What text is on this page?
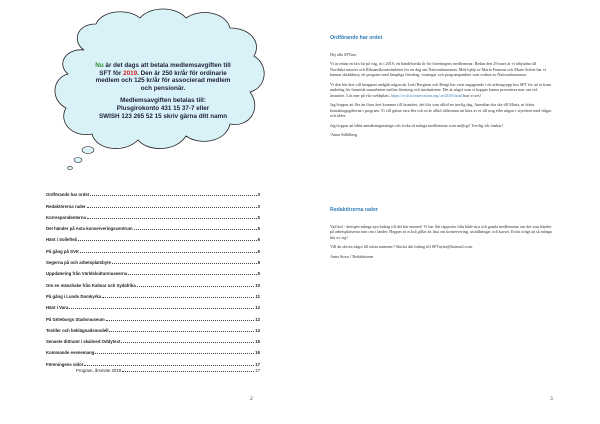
Nu är det dags att betala medlemsavgiften till

SFT för 2019. Den är 250 kr/år för ordinarie

medlem och 125 kr/år för associerad medlem

och pensionär.

Medlemsavgiften betalas till:

Plusgirokonto 431 15 37-7 eller

SWISH 123 265 52 15 skriv gärna ditt namn

Ordförande har ordet	3
Redaktörerna rader	3
Korrespondenterna	5
Det händer på Asta konserveringscentrum	5
Hänt i Sollefteå	6
På gång på SVK	6
Segerna på och arbetsplatsbyte	8
Uppdatering från Världskulturmuseerna	9
Om en mässhake från Kalmar och Sydafrika	10
På gång i Lunds Domkyrka	11
Hänt i Vara	12
På Göteborgs Stadsmuseum	12
Textiler och beklägnadsmodell	13
Senaste dittramt i skalmed Oddytext	15
Kommande evenemang	16
Föreningens sidor	17
Program, årsmöte 2019	17
2	3
Ordförande har ordet

Hej alla SFTare,

Vi är redan en bra bit på väg, in i 2019, ett händelserikt år för föreningens medlemmar. Redan den 29 mars är vi inbjudna till Nordiska museet och Riksantikvarieämbetet för en dag om Nationalmuseum. Med hjälp av Maria Franzon och Marie Schön har vi kunnat skräddarsy ett program med lämpliga föredrag, visningar och programpunkter som ordnas av Nationalmuseum.

Vi den här året vill knappast undgått någon att Lotti Bergsten och Bengt har varit engagerade i ett arbetsgrupp hos SFT för att ta fram underlag för framtida samarbeten mellan förening och institutioner. Det är något som vi hoppas kunna presentera mer om vid årsmötet. Läs mer på vår webbplats: https://e.sfticonservation.org/.se/2019.html hon vi ses!

Jag hoppas att fler än förra året kommer till årsmötet, det blir som alltid en trevlig dag. Anmälan ska ske till Märta, ni hittar kontaktuppgifterna i program. Vi vill gärna vara fler och ni är alltid välkomna att höra av er till mig eller någon i styrelsen med frågor och idéer.

Jag hoppas att båda anmälningsmänga och locka så många medlemmar som möjligt! Trevlig vår önskar!

/Anna Ståhlberg

Redaktörerna rader

Vad kul - återigen många nya bidrag till det här numret! Vi har fått rapporter från både nya och gamla medlemmar om det som händer på arbetsplatserna runt om i landet. Hoppas ni också gillar att läsa om konservering, utställningar och kurser. Extra roligt att så många hör av sig!

Vill du skriva något till nästa nummer? Skicka ditt bidrag till SFTnytta@hotmail.com.

Anna Stoos / Redaktionen
